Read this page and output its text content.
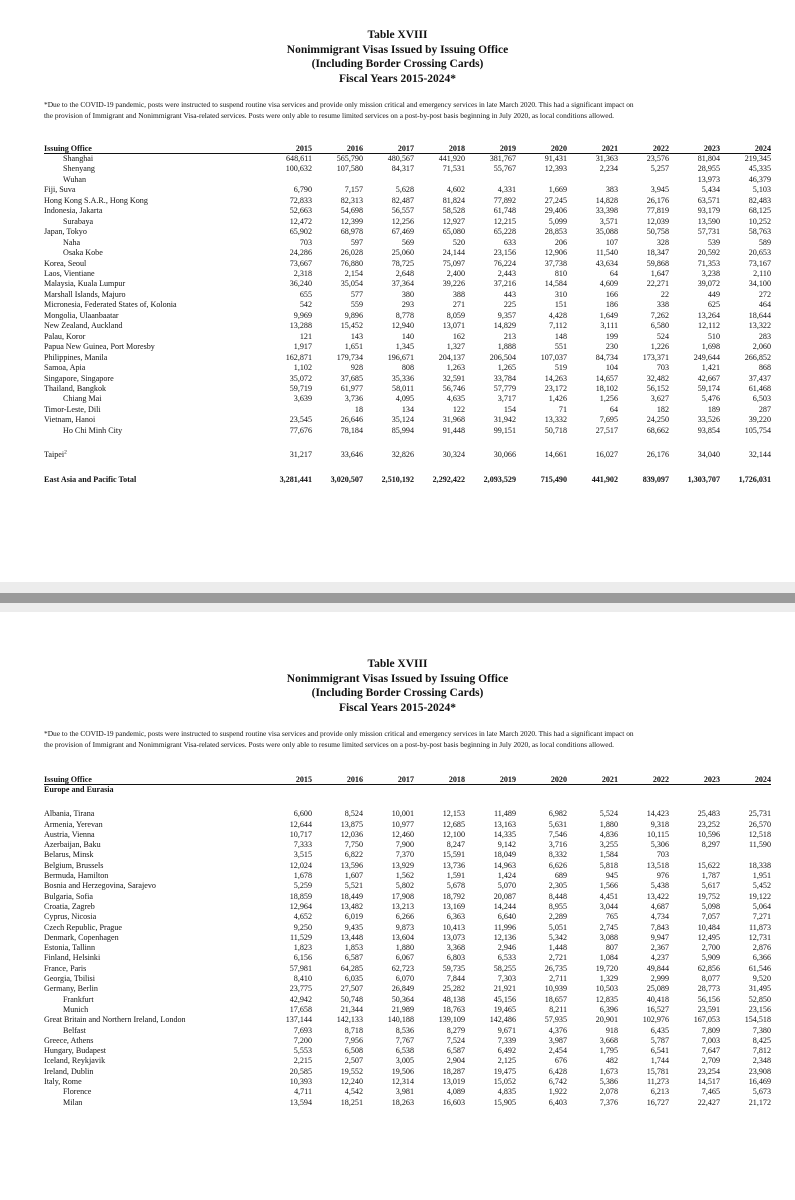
Table XVIII
Nonimmigrant Visas Issued by Issuing Office
(Including Border Crossing Cards)
Fiscal Years 2015-2024*
*Due to the COVID-19 pandemic, posts were instructed to suspend routine visa services and provide only mission critical and emergency services in late March 2020. This had a significant impact on
the provision of Immigrant and Nonimmigrant Visa-related services. Posts were only able to resume limited services on a post-by-post basis beginning in July 2020, as local conditions allowed.
Issuing Office	2015	2016	2017	2018	2019	2020	2021	2022	2023	2024
Shanghai	648,611	565,790	480,567	441,920	381,767	91,431	31,363	23,576	81,804	219,345
Shenyang	100,632	107,580	84,317	71,531	55,767	12,393	2,234	5,257	28,955	45,335
Wuhan									13,973	46,379
Fiji, Suva	6,790	7,157	5,628	4,602	4,331	1,669	383	3,945	5,434	5,103
Hong Kong S.A.R., Hong Kong	72,833	82,313	82,487	81,824	77,892	27,245	14,828	26,176	63,571	82,483
Indonesia, Jakarta	52,663	54,698	56,557	58,528	61,748	29,406	33,398	77,819	93,179	68,125
Surabaya	12,472	12,399	12,256	12,927	12,215	5,099	3,571	12,039	13,590	10,252
Japan, Tokyo	65,902	68,978	67,469	65,080	65,228	28,853	35,088	50,758	57,731	58,763
Naha	703	597	569	520	633	206	107	328	539	589
Osaka Kobe	24,286	26,028	25,060	24,144	23,156	12,906	11,540	18,347	20,592	20,653
Korea, Seoul	73,667	76,880	78,725	75,097	76,224	37,738	43,634	59,868	71,353	73,167
Laos, Vientiane	2,318	2,154	2,648	2,400	2,443	810	64	1,647	3,238	2,110
Malaysia, Kuala Lumpur	36,240	35,054	37,364	39,226	37,216	14,584	4,609	22,271	39,072	34,100
Marshall Islands, Majuro	655	577	380	388	443	310	166	22	449	272
Micronesia, Federated States of, Kolonia	542	559	293	271	225	151	186	338	625	464
Mongolia, Ulaanbaatar	9,969	9,896	8,778	8,059	9,357	4,428	1,649	7,262	13,264	18,644
New Zealand, Auckland	13,288	15,452	12,940	13,071	14,829	7,112	3,111	6,580	12,112	13,322
Palau, Koror	121	143	140	162	213	148	199	524	510	283
Papua New Guinea, Port Moresby	1,917	1,651	1,345	1,327	1,888	551	230	1,226	1,698	2,060
Philippines, Manila	162,871	179,734	196,671	204,137	206,504	107,037	84,734	173,371	249,644	266,852
Samoa, Apia	1,102	928	808	1,263	1,265	519	104	703	1,421	868
Singapore, Singapore	35,072	37,685	35,336	32,591	33,784	14,263	14,657	32,482	42,667	37,437
Thailand, Bangkok	59,719	61,977	58,011	56,746	57,779	23,172	18,102	56,152	59,174	61,468
Chiang Mai	3,639	3,736	4,095	4,635	3,717	1,426	1,256	3,627	5,476	6,503
Timor-Leste, Dili		18	134	122	154	71	64	182	189	287
Vietnam, Hanoi	23,545	26,646	35,124	31,968	31,942	13,332	7,695	24,250	33,526	39,220
Ho Chi Minh City	77,676	78,184	85,994	91,448	99,151	50,718	27,517	68,662	93,854	105,754

Taipei$^2$	31,217	33,646	32,826	30,324	30,066	14,661	16,027	26,176	34,040	32,144

East Asia and Pacific Total	3,281,441	3,020,507	2,510,192	2,292,422	2,093,529	715,490	441,902	839,097	1,303,707	1,726,031
Table XVIII
Nonimmigrant Visas Issued by Issuing Office
(Including Border Crossing Cards)
Fiscal Years 2015-2024*
*Due to the COVID-19 pandemic, posts were instructed to suspend routine visa services and provide only mission critical and emergency services in late March 2020. This had a significant impact on
the provision of Immigrant and Nonimmigrant Visa-related services. Posts were only able to resume limited services on a post-by-post basis beginning in July 2020, as local conditions allowed.
Issuing Office	2015	2016	2017	2018	2019	2020	2021	2022	2023	2024
Europe and Eurasia										

Albania, Tirana	6,600	8,524	10,001	12,153	11,489	6,982	5,524	14,423	25,483	25,731
Armenia, Yerevan	12,644	13,875	10,977	12,685	13,163	5,631	1,880	9,318	23,252	26,570
Austria, Vienna	10,717	12,036	12,460	12,100	14,335	7,546	4,836	10,115	10,596	12,518
Azerbaijan, Baku	7,333	7,750	7,900	8,247	9,142	3,716	3,255	5,306	8,297	11,590
Belarus, Minsk	3,515	6,822	7,370	15,591	18,049	8,332	1,584	703		
Belgium, Brussels	12,024	13,596	13,929	13,736	14,963	6,626	5,818	13,518	15,622	18,338
Bermuda, Hamilton	1,678	1,607	1,562	1,591	1,424	689	945	976	1,787	1,951
Bosnia and Herzegovina, Sarajevo	5,259	5,521	5,802	5,678	5,070	2,305	1,566	5,438	5,617	5,452
Bulgaria, Sofia	18,859	18,449	17,908	18,792	20,087	8,448	4,451	13,422	19,752	19,122
Croatia, Zagreb	12,964	13,482	13,213	13,169	14,244	8,955	3,044	4,687	5,098	5,064
Cyprus, Nicosia	4,652	6,019	6,266	6,363	6,640	2,289	765	4,734	7,057	7,271
Czech Republic, Prague	9,250	9,435	9,873	10,413	11,996	5,051	2,745	7,843	10,484	11,873
Denmark, Copenhagen	11,529	13,448	13,604	13,073	12,136	5,342	3,088	9,947	12,495	12,731
Estonia, Tallinn	1,823	1,853	1,880	3,368	2,946	1,448	807	2,367	2,700	2,876
Finland, Helsinki	6,156	6,587	6,067	6,803	6,533	2,721	1,084	4,237	5,909	6,366
France, Paris	57,981	64,285	62,723	59,735	58,255	26,735	19,720	49,844	62,856	61,546
Georgia, Tbilisi	8,410	6,035	6,070	7,844	7,303	2,711	1,329	2,999	8,077	9,520
Germany, Berlin	23,775	27,507	26,849	25,282	21,921	10,939	10,503	25,089	28,773	31,495
Frankfurt	42,942	50,748	50,364	48,138	45,156	18,657	12,835	40,418	56,156	52,850
Munich	17,658	21,344	21,989	18,763	19,465	8,211	6,396	16,527	23,591	23,156
Great Britain and Northern Ireland, London	137,144	142,133	140,188	139,109	142,486	57,935	20,901	102,976	167,053	154,518
Belfast	7,693	8,718	8,536	8,279	9,671	4,376	918	6,435	7,809	7,380
Greece, Athens	7,200	7,956	7,767	7,524	7,339	3,987	3,668	5,787	7,003	8,425
Hungary, Budapest	5,553	6,508	6,538	6,587	6,492	2,454	1,795	6,541	7,647	7,812
Iceland, Reykjavik	2,215	2,507	3,005	2,904	2,125	676	482	1,744	2,709	2,348
Ireland, Dublin	20,585	19,552	19,506	18,287	19,475	6,428	1,673	15,781	23,254	23,908
Italy, Rome	10,393	12,240	12,314	13,019	15,052	6,742	5,386	11,273	14,517	16,469
Florence	4,711	4,542	3,981	4,089	4,835	1,922	2,078	6,213	7,465	5,673
Milan	13,594	18,251	18,263	16,603	15,905	6,403	7,376	16,727	22,427	21,172
